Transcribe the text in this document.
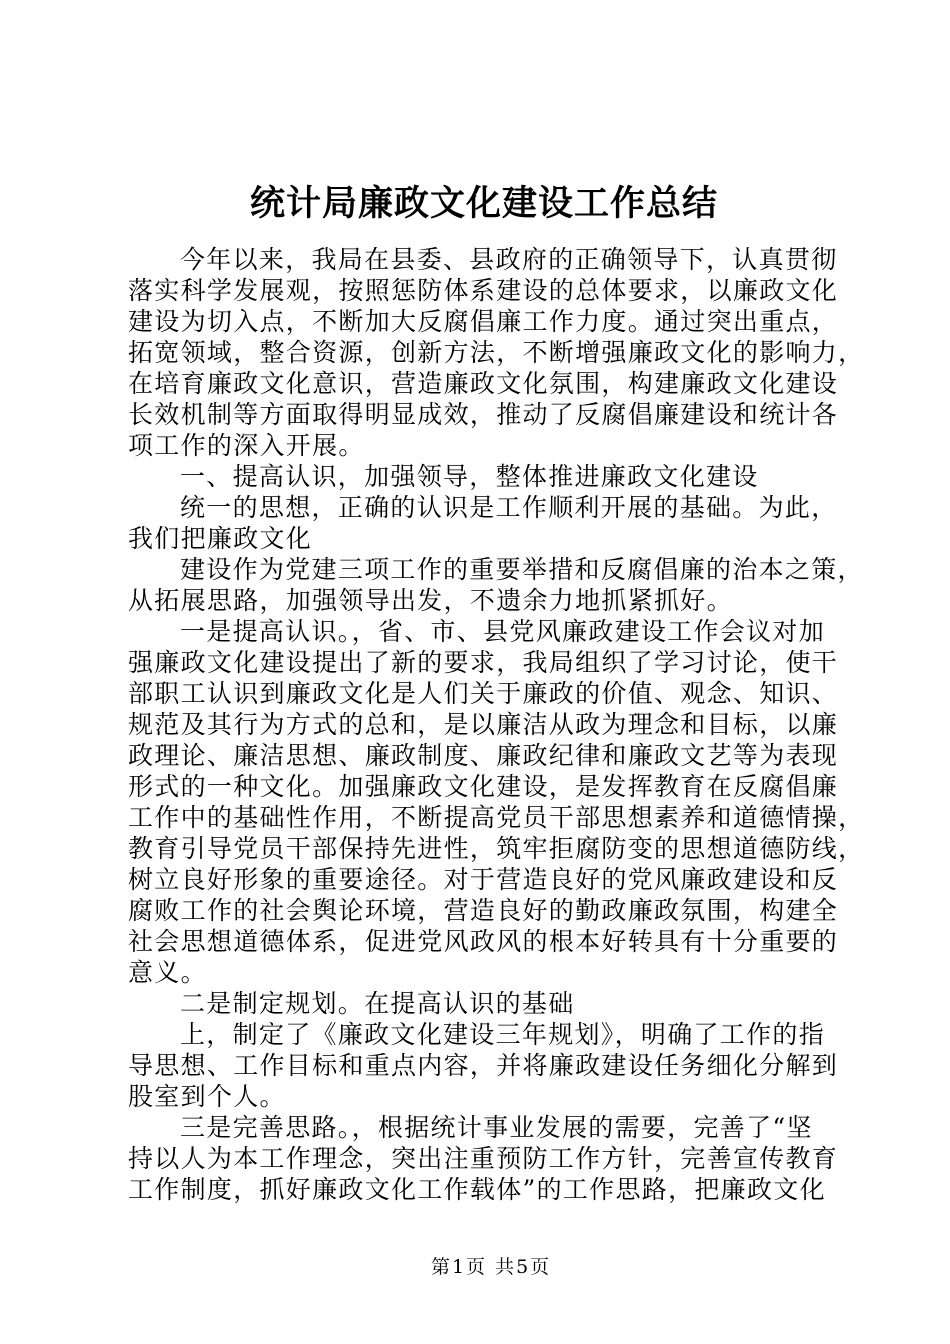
统计局廉政文化建设工作总结
今年以来，我局在县委、县政府的正确领导下，认真贯彻
落实科学发展观，按照惩防体系建设的总体要求，以廉政文化
建设为切入点，不断加大反腐倡廉工作力度。通过突出重点，
拓宽领域，整合资源，创新方法，不断增强廉政文化的影响力，
在培育廉政文化意识，营造廉政文化氛围，构建廉政文化建设
长效机制等方面取得明显成效，推动了反腐倡廉建设和统计各
项工作的深入开展。
一、提高认识，加强领导，整体推进廉政文化建设
统一的思想，正确的认识是工作顺利开展的基础。为此，
我们把廉政文化
建设作为党建三项工作的重要举措和反腐倡廉的治本之策，
从拓展思路，加强领导出发，不遗余力地抓紧抓好。
一是提高认识。，省、市、县党风廉政建设工作会议对加
强廉政文化建设提出了新的要求，我局组织了学习讨论，使干
部职工认识到廉政文化是人们关于廉政的价值、观念、知识、
规范及其行为方式的总和，是以廉洁从政为理念和目标，以廉
政理论、廉洁思想、廉政制度、廉政纪律和廉政文艺等为表现
形式的一种文化。加强廉政文化建设，是发挥教育在反腐倡廉
工作中的基础性作用，不断提高党员干部思想素养和道德情操，
教育引导党员干部保持先进性，筑牢拒腐防变的思想道德防线，
树立良好形象的重要途径。对于营造良好的党风廉政建设和反
腐败工作的社会舆论环境，营造良好的勤政廉政氛围，构建全
社会思想道德体系，促进党风政风的根本好转具有十分重要的
意义。
二是制定规划。在提高认识的基础
上，制定了《廉政文化建设三年规划》，明确了工作的指
导思想、工作目标和重点内容，并将廉政建设任务细化分解到
股室到个人。
三是完善思路。，根据统计事业发展的需要，完善了“坚
持以人为本工作理念，突出注重预防工作方针，完善宣传教育
工作制度，抓好廉政文化工作载体”的工作思路，把廉政文化

第1页 共5页
